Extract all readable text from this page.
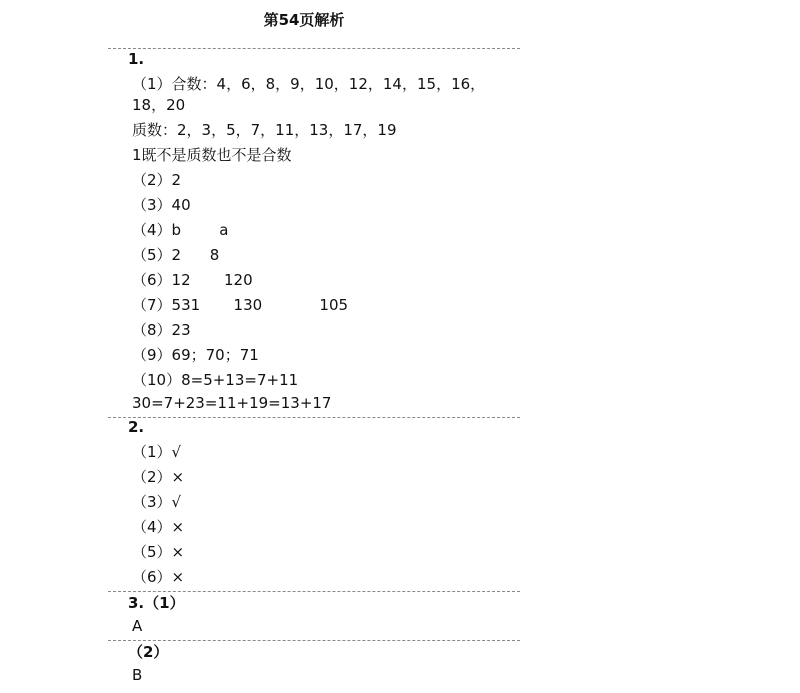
第54页解析
1.
（1）合数：4，6，8，9，10，12，14，15，16，
18，20
质数：2，3，5，7，11，13，17，19
1既不是质数也不是合数
（2）2
（3）40
（4）b        a
（5）2      8
（6）12       120
（7）531       130            105
（8）23
（9）69；70；71
（10）8=5+13=7+11
30=7+23=11+19=13+17
2.
（1）√
（2）×
（3）√
（4）×
（5）×
（6）×
3.（1）
A
（2）
B
